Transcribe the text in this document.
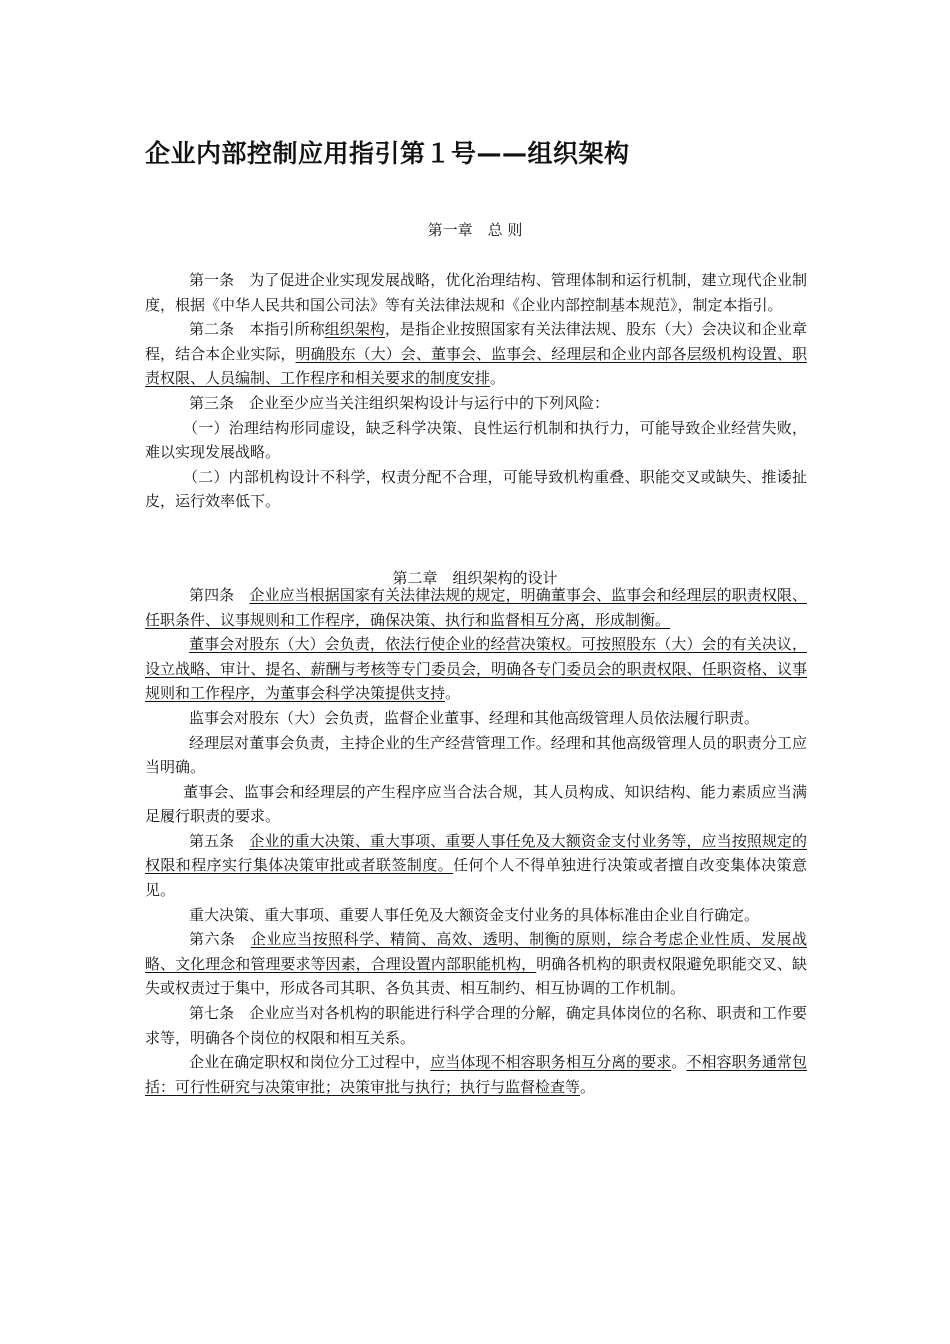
企业内部控制应用指引第１号——组织架构

第一章　总 则

第一条　为了促进企业实现发展战略，优化治理结构、管理体制和运行机制，建立现代企业制度，根据《中华人民共和国公司法》等有关法律法规和《企业内部控制基本规范》，制定本指引。

第二条　本指引所称组织架构，是指企业按照国家有关法律法规、股东（大）会决议和企业章程，结合本企业实际，明确股东（大）会、董事会、监事会、经理层和企业内部各层级机构设置、职责权限、人员编制、工作程序和相关要求的制度安排。

第三条　企业至少应当关注组织架构设计与运行中的下列风险：

（一）治理结构形同虚设，缺乏科学决策、良性运行机制和执行力，可能导致企业经营失败，难以实现发展战略。

（二）内部机构设计不科学，权责分配不合理，可能导致机构重叠、职能交叉或缺失、推诿扯皮，运行效率低下。

第四条　企业应当根据国家有关法律法规的规定，明确董事会、监事会和经理层的职责权限、任职条件、议事规则和工作程序，确保决策、执行和监督相互分离，形成制衡。

董事会对股东（大）会负责，依法行使企业的经营决策权。可按照股东（大）会的有关决议，设立战略、审计、提名、薪酬与考核等专门委员会，明确各专门委员会的职责权限、任职资格、议事规则和工作程序，为董事会科学决策提供支持。

监事会对股东（大）会负责，监督企业董事、经理和其他高级管理人员依法履行职责。

经理层对董事会负责，主持企业的生产经营管理工作。经理和其他高级管理人员的职责分工应当明确。

董事会、监事会和经理层的产生程序应当合法合规，其人员构成、知识结构、能力素质应当满足履行职责的要求。

第五条　企业的重大决策、重大事项、重要人事任免及大额资金支付业务等，应当按照规定的权限和程序实行集体决策审批或者联签制度。任何个人不得单独进行决策或者擅自改变集体决策意见。

重大决策、重大事项、重要人事任免及大额资金支付业务的具体标准由企业自行确定。

第六条　企业应当按照科学、精简、高效、透明、制衡的原则，综合考虑企业性质、发展战略、文化理念和管理要求等因素，合理设置内部职能机构，明确各机构的职责权限避免职能交叉、缺失或权责过于集中，形成各司其职、各负其责、相互制约、相互协调的工作机制。

第七条　企业应当对各机构的职能进行科学合理的分解，确定具体岗位的名称、职责和工作要求等，明确各个岗位的权限和相互关系。

企业在确定职权和岗位分工过程中，应当体现不相容职务相互分离的要求。不相容职务通常包括：可行性研究与决策审批；决策审批与执行；执行与监督检查等。

第二章　组织架构的设计
